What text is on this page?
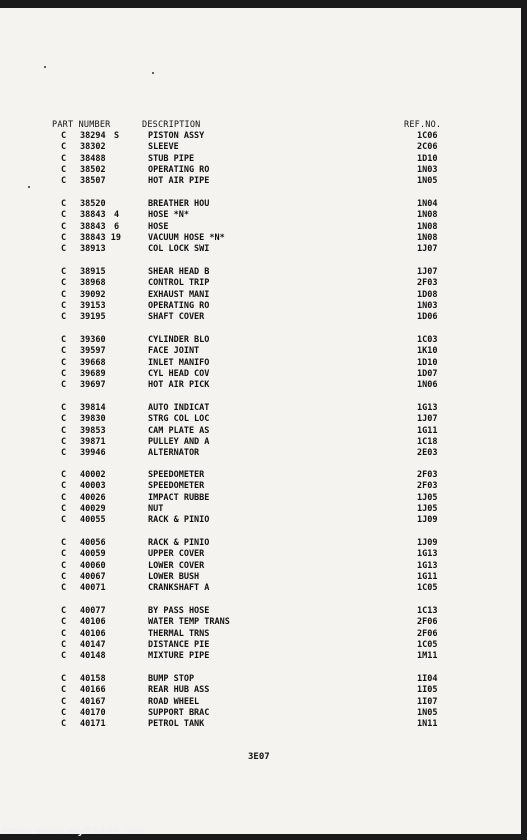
PART NUMBER	DESCRIPTION	REF.NO.
C 38294 S	PISTON ASSY	1C06
C 38302	SLEEVE	2C06
C 38488	STUB PIPE	1D10
C 38502	OPERATING RO	1N03
C 38507	HOT AIR PIPE	1N05
C 38520	BREATHER HOU	1N04
C 38843 4	HOSE *N*	1N08
C 38843 6	HOSE	1N08
C 38843 19	VACUUM HOSE *N*	1N08
C 38913	COL LOCK SWI	1J07
C 38915	SHEAR HEAD B	1J07
C 38968	CONTROL TRIP	2F03
C 39092	EXHAUST MANI	1D08
C 39153	OPERATING RO	1N03
C 39195	SHAFT COVER	1D06
C 39360	CYLINDER BLO	1C03
C 39597	FACE JOINT	1K10
C 39668	INLET MANIFO	1D10
C 39689	CYL HEAD COV	1D07
C 39697	HOT AIR PICK	1N06
C 39814	AUTO INDICAT	1G13
C 39830	STRG COL LOC	1J07
C 39853	CAM PLATE AS	1G11
C 39871	PULLEY AND A	1C18
C 39946	ALTERNATOR	2E03
C 40002	SPEEDOMETER	2F03
C 40003	SPEEDOMETER	2F03
C 40026	IMPACT RUBBE	1J05
C 40029	NUT	1J05
C 40055	RACK & PINIO	1J09
C 40056	RACK & PINIO	1J09
C 40059	UPPER COVER	1G13
C 40060	LOWER COVER	1G13
C 40067	LOWER BUSH	1G11
C 40071	CRANKSHAFT A	1C05
C 40077	BY PASS HOSE	1C13
C 40106	WATER TEMP TRANS	2F06
C 40106	THERMAL TRNS	2F06
C 40147	DISTANCE PIE	1C05
C 40148	MIXTURE PIPE	1M11
C 40158	BUMP STOP	1I04
C 40166	REAR HUB ASS	1I05
C 40167	ROAD WHEEL	1I07
C 40170	SUPPORT BRAC	1N05
C 40171	PETROL TANK	1N11
3E07
from: www.myBS429.info
